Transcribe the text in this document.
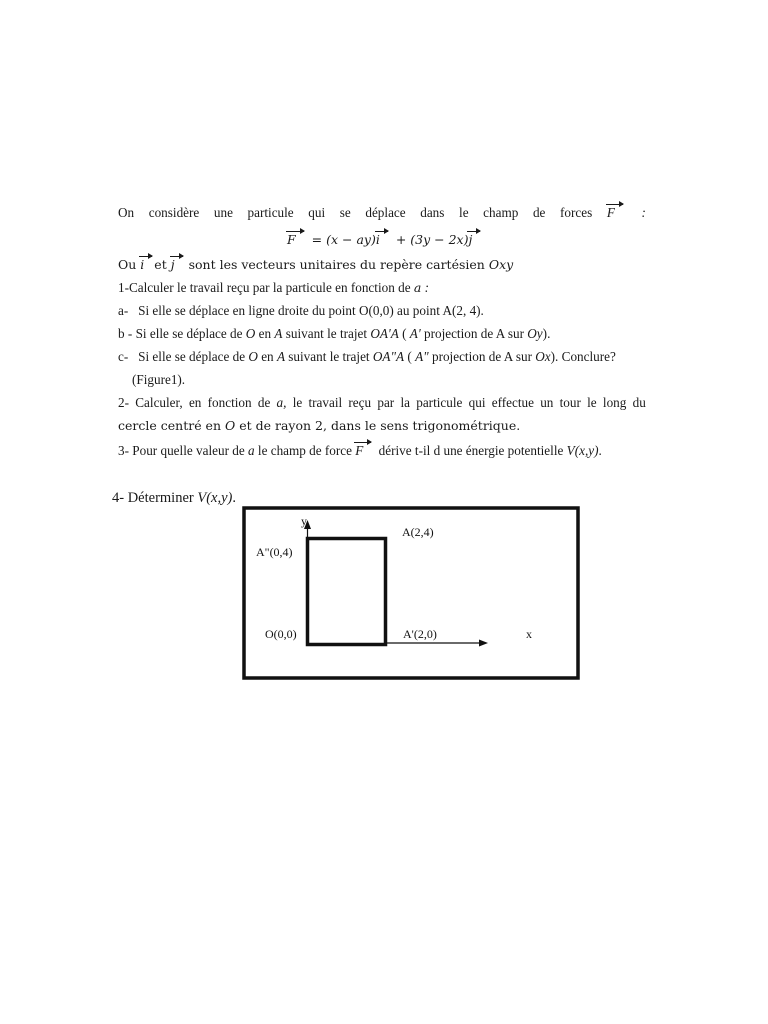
On considère une particule qui se déplace dans le champ de forces F :
F = (x − ay)i + (3y − 2x)j
Ou i et j sont les vecteurs unitaires du repère cartésien Oxy
1-Calculer le travail reçu par la particule en fonction de a :
a-   Si elle se déplace en ligne droite du point O(0,0) au point A(2, 4).
b - Si elle se déplace de O en A suivant le trajet OA'A ( A' projection de A sur Oy).
c-   Si elle se déplace de O en A suivant le trajet OA"A ( A" projection de A sur Ox). Conclure?
(Figure1).
2- Calculer, en fonction de a, le travail reçu par la particule qui effectue un tour le long du
cercle centré en O et de rayon 2, dans le sens trigonométrique.
3- Pour quelle valeur de a le champ de force F dérive t-il d une énergie potentielle V(x,y).
4- Déterminer V(x,y).
y
x
A(2,4)
A"(0,4)
O(0,0)	A'(2,0)
